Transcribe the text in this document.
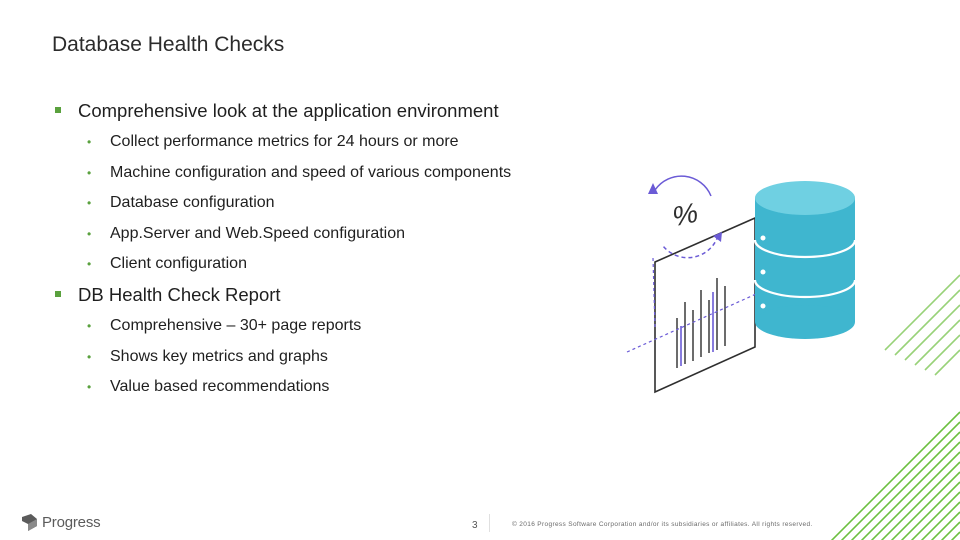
Database Health Checks
Comprehensive look at the application environment
• Collect performance metrics for 24 hours or more
• Machine configuration and speed of various components
• Database configuration
• App.Server and Web.Speed configuration
• Client configuration
DB Health Check Report
• Comprehensive – 30+ page reports
• Shows key metrics and graphs
• Value based recommendations
%
Progress	3	© 2016 Progress Software Corporation and/or its subsidiaries or affiliates. All rights reserved.
